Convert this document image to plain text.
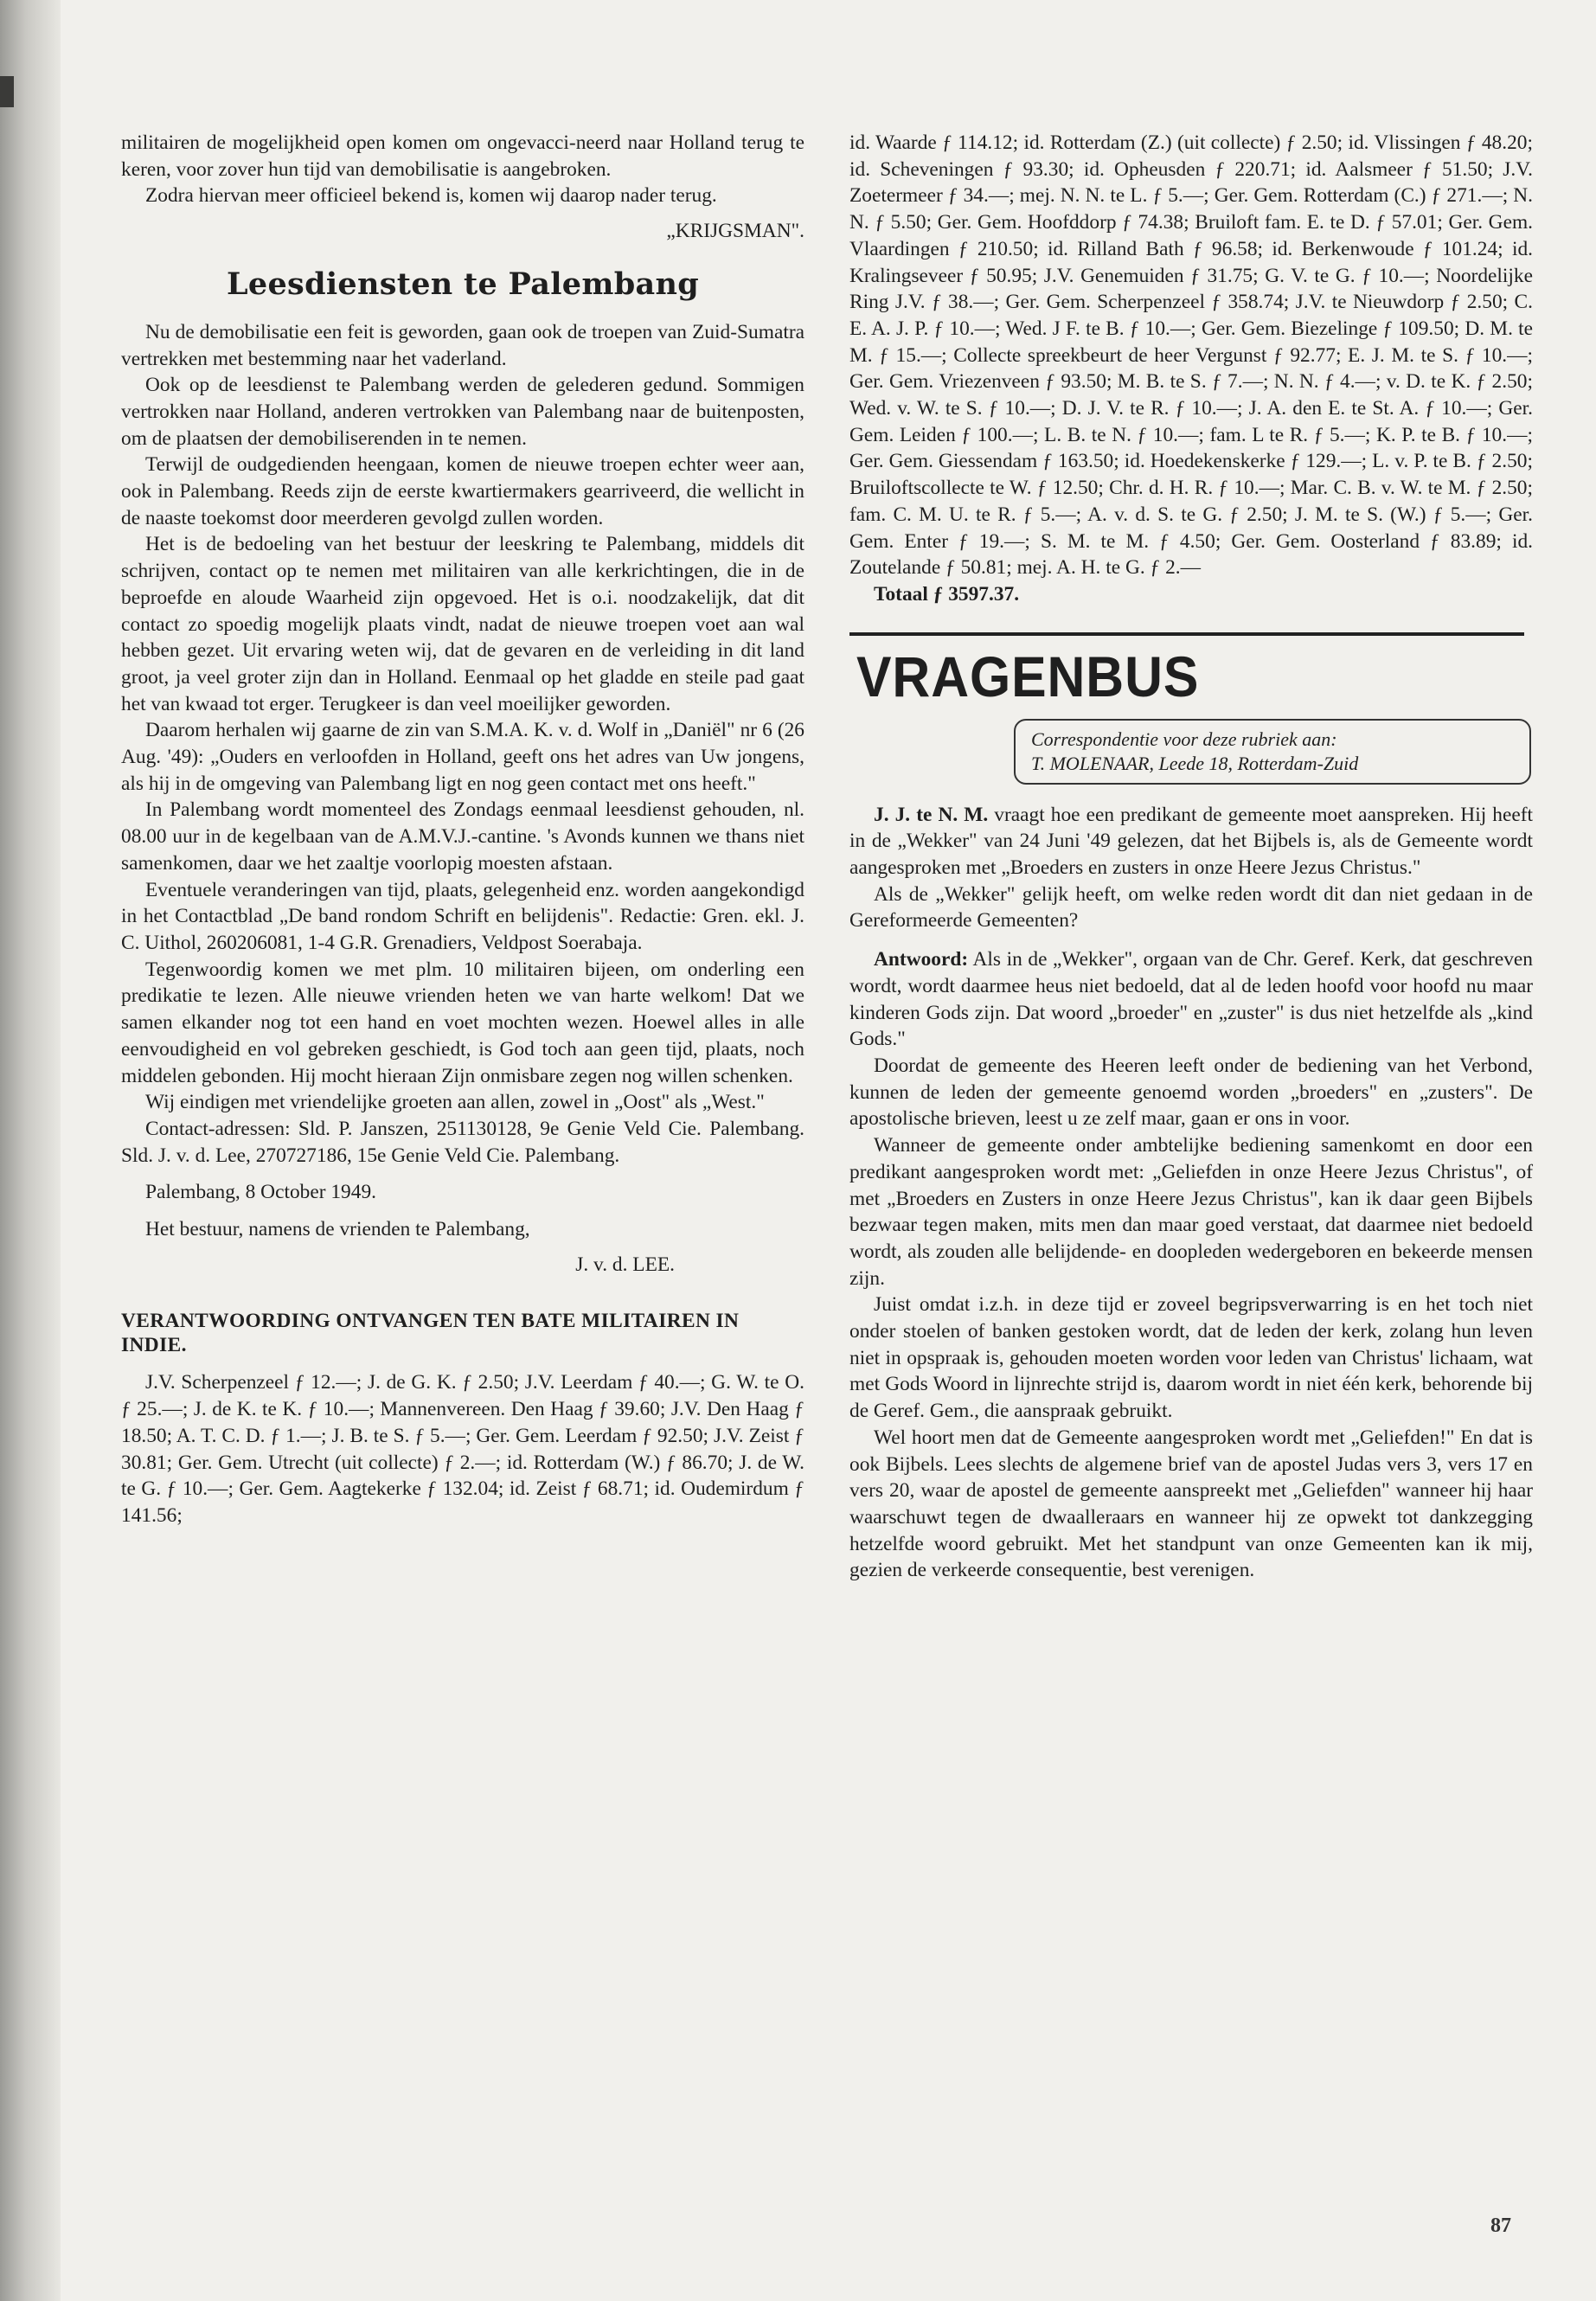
militairen de mogelijkheid open komen om ongevacci-neerd naar Holland terug te keren, voor zover hun tijd van demobilisatie is aangebroken.

Zodra hiervan meer officieel bekend is, komen wij daarop nader terug.

„KRIJGSMAN".

Leesdiensten te Palembang

Nu de demobilisatie een feit is geworden, gaan ook de troepen van Zuid-Sumatra vertrekken met bestemming naar het vaderland.

Ook op de leesdienst te Palembang werden de gelederen gedund. Sommigen vertrokken naar Holland, anderen vertrokken van Palembang naar de buitenposten, om de plaatsen der demobiliserenden in te nemen.

Terwijl de oudgedienden heengaan, komen de nieuwe troepen echter weer aan, ook in Palembang. Reeds zijn de eerste kwartiermakers gearriveerd, die wellicht in de naaste toekomst door meerderen gevolgd zullen worden.

Het is de bedoeling van het bestuur der leeskring te Palembang, middels dit schrijven, contact op te nemen met militairen van alle kerkrichtingen, die in de beproefde en aloude Waarheid zijn opgevoed. Het is o.i. noodzakelijk, dat dit contact zo spoedig mogelijk plaats vindt, nadat de nieuwe troepen voet aan wal hebben gezet. Uit ervaring weten wij, dat de gevaren en de verleiding in dit land groot, ja veel groter zijn dan in Holland. Eenmaal op het gladde en steile pad gaat het van kwaad tot erger. Terugkeer is dan veel moeilijker geworden.

Daarom herhalen wij gaarne de zin van S.M.A. K. v. d. Wolf in „Daniël" nr 6 (26 Aug. '49): „Ouders en verloofden in Holland, geeft ons het adres van Uw jongens, als hij in de omgeving van Palembang ligt en nog geen contact met ons heeft."

In Palembang wordt momenteel des Zondags eenmaal leesdienst gehouden, nl. 08.00 uur in de kegelbaan van de A.M.V.J.-cantine. 's Avonds kunnen we thans niet samenkomen, daar we het zaaltje voorlopig moesten afstaan.

Eventuele veranderingen van tijd, plaats, gelegenheid enz. worden aangekondigd in het Contactblad „De band rondom Schrift en belijdenis". Redactie: Gren. ekl. J. C. Uithol, 260206081, 1-4 G.R. Grenadiers, Veldpost Soerabaja.

Tegenwoordig komen we met plm. 10 militairen bijeen, om onderling een predikatie te lezen. Alle nieuwe vrienden heten we van harte welkom! Dat we samen elkander nog tot een hand en voet mochten wezen. Hoewel alles in alle eenvoudigheid en vol gebreken geschiedt, is God toch aan geen tijd, plaats, noch middelen gebonden. Hij mocht hieraan Zijn onmisbare zegen nog willen schenken.

Wij eindigen met vriendelijke groeten aan allen, zowel in „Oost" als „West."

Contact-adressen: Sld. P. Janszen, 251130128, 9e Genie Veld Cie. Palembang. Sld. J. v. d. Lee, 270727186, 15e Genie Veld Cie. Palembang.

Palembang, 8 October 1949.

Het bestuur, namens de vrienden te Palembang,

J. v. d. LEE.

VERANTWOORDING ONTVANGEN TEN BATE MILITAIREN IN INDIE.

J.V. Scherpenzeel ƒ 12.—; J. de G. K. ƒ 2.50; J.V. Leerdam ƒ 40.—; G. W. te O. ƒ 25.—; J. de K. te K. ƒ 10.—; Mannenvereen. Den Haag ƒ 39.60; J.V. Den Haag ƒ 18.50; A. T. C. D. ƒ 1.—; J. B. te S. ƒ 5.—; Ger. Gem. Leerdam ƒ 92.50; J.V. Zeist ƒ 30.81; Ger. Gem. Utrecht (uit collecte) ƒ 2.—; id. Rotterdam (W.) ƒ 86.70; J. de W. te G. ƒ 10.—; Ger. Gem. Aagtekerke ƒ 132.04; id. Zeist ƒ 68.71; id. Oudemirdum ƒ 141.56;

id. Waarde ƒ 114.12; id. Rotterdam (Z.) (uit collecte) ƒ 2.50; id. Vlissingen ƒ 48.20; id. Scheveningen ƒ 93.30; id. Opheusden ƒ 220.71; id. Aalsmeer ƒ 51.50; J.V. Zoetermeer ƒ 34.—; mej. N. N. te L. ƒ 5.—; Ger. Gem. Rotterdam (C.) ƒ 271.—; N. N. ƒ 5.50; Ger. Gem. Hoofddorp ƒ 74.38; Bruiloft fam. E. te D. ƒ 57.01; Ger. Gem. Vlaardingen ƒ 210.50; id. Rilland Bath ƒ 96.58; id. Berkenwoude ƒ 101.24; id. Kralingseveer ƒ 50.95; J.V. Genemuiden ƒ 31.75; G. V. te G. ƒ 10.—; Noordelijke Ring J.V. ƒ 38.—; Ger. Gem. Scherpenzeel ƒ 358.74; J.V. te Nieuwdorp ƒ 2.50; C. E. A. J. P. ƒ 10.—; Wed. J F. te B. ƒ 10.—; Ger. Gem. Biezelinge ƒ 109.50; D. M. te M. ƒ 15.—; Collecte spreekbeurt de heer Vergunst ƒ 92.77; E. J. M. te S. ƒ 10.—; Ger. Gem. Vriezenveen ƒ 93.50; M. B. te S. ƒ 7.—; N. N. ƒ 4.—; v. D. te K. ƒ 2.50; Wed. v. W. te S. ƒ 10.—; D. J. V. te R. ƒ 10.—; J. A. den E. te St. A. ƒ 10.—; Ger. Gem. Leiden ƒ 100.—; L. B. te N. ƒ 10.—; fam. L te R. ƒ 5.—; K. P. te B. ƒ 10.—; Ger. Gem. Giessendam ƒ 163.50; id. Hoedekenskerke ƒ 129.—; L. v. P. te B. ƒ 2.50; Bruiloftscollecte te W. ƒ 12.50; Chr. d. H. R. ƒ 10.—; Mar. C. B. v. W. te M. ƒ 2.50; fam. C. M. U. te R. ƒ 5.—; A. v. d. S. te G. ƒ 2.50; J. M. te S. (W.) ƒ 5.—; Ger. Gem. Enter ƒ 19.—; S. M. te M. ƒ 4.50; Ger. Gem. Oosterland ƒ 83.89; id. Zoutelande ƒ 50.81; mej. A. H. te G. ƒ 2.—

Totaal ƒ 3597.37.

VRAGENBUS
Correspondentie voor deze rubriek aan:
T. MOLENAAR, Leede 18, Rotterdam-Zuid

J. J. te N. M. vraagt hoe een predikant de gemeente moet aanspreken. Hij heeft in de „Wekker" van 24 Juni '49 gelezen, dat het Bijbels is, als de Gemeente wordt aangesproken met „Broeders en zusters in onze Heere Jezus Christus."

Als de „Wekker" gelijk heeft, om welke reden wordt dit dan niet gedaan in de Gereformeerde Gemeenten?

Antwoord: Als in de „Wekker", orgaan van de Chr. Geref. Kerk, dat geschreven wordt, wordt daarmee heus niet bedoeld, dat al de leden hoofd voor hoofd nu maar kinderen Gods zijn. Dat woord „broeder" en „zuster" is dus niet hetzelfde als „kind Gods."

Doordat de gemeente des Heeren leeft onder de bediening van het Verbond, kunnen de leden der gemeente genoemd worden „broeders" en „zusters". De apostolische brieven, leest u ze zelf maar, gaan er ons in voor.

Wanneer de gemeente onder ambtelijke bediening samenkomt en door een predikant aangesproken wordt met: „Geliefden in onze Heere Jezus Christus", of met „Broeders en Zusters in onze Heere Jezus Christus", kan ik daar geen Bijbels bezwaar tegen maken, mits men dan maar goed verstaat, dat daarmee niet bedoeld wordt, als zouden alle belijdende- en doopleden wedergeboren en bekeerde mensen zijn.

Juist omdat i.z.h. in deze tijd er zoveel begripsverwarring is en het toch niet onder stoelen of banken gestoken wordt, dat de leden der kerk, zolang hun leven niet in opspraak is, gehouden moeten worden voor leden van Christus' lichaam, wat met Gods Woord in lijnrechte strijd is, daarom wordt in niet één kerk, behorende bij de Geref. Gem., die aanspraak gebruikt.

Wel hoort men dat de Gemeente aangesproken wordt met „Geliefden!" En dat is ook Bijbels. Lees slechts de algemene brief van de apostel Judas vers 3, vers 17 en vers 20, waar de apostel de gemeente aanspreekt met „Geliefden" wanneer hij haar waarschuwt tegen de dwaalleraars en wanneer hij ze opwekt tot dankzegging hetzelfde woord gebruikt. Met het standpunt van onze Gemeenten kan ik mij, gezien de verkeerde consequentie, best verenigen.

87
